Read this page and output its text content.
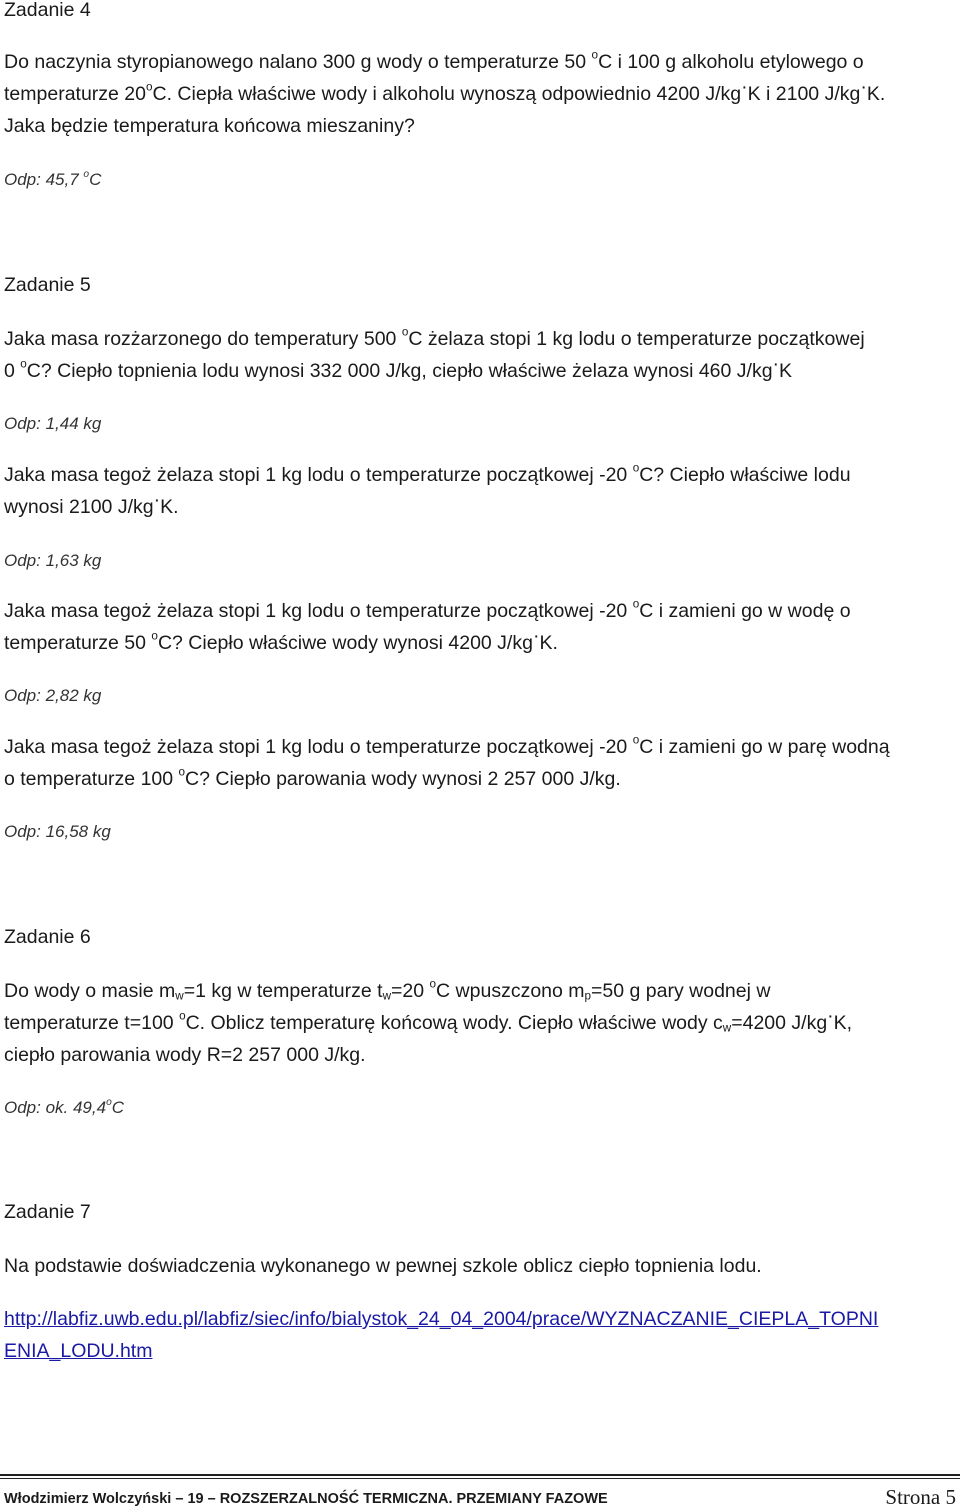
Zadanie 4
Do naczynia styropianowego nalano 300 g wody o temperaturze 50 $^o$C i 100 g alkoholu etylowego o
temperaturze 20$^o$C. Ciepła właściwe wody i alkoholu wynoszą odpowiednio 4200 J/kg·K i 2100 J/kg·K.
Jaka będzie temperatura końcowa mieszaniny?
Odp: 45,7 $^o$C
Zadanie 5
Jaka masa rozżarzonego do temperatury 500 $^o$C żelaza stopi 1 kg lodu o temperaturze początkowej
0 $^o$C? Ciepło topnienia lodu wynosi 332 000 J/kg, ciepło właściwe żelaza wynosi 460 J/kg·K
Odp: 1,44 kg
Jaka masa tegoż żelaza stopi 1 kg lodu o temperaturze początkowej -20 $^o$C? Ciepło właściwe lodu
wynosi 2100 J/kg·K.
Odp: 1,63 kg
Jaka masa tegoż żelaza stopi 1 kg lodu o temperaturze początkowej -20 $^o$C i zamieni go w wodę o
temperaturze 50 $^o$C? Ciepło właściwe wody wynosi 4200 J/kg·K.
Odp: 2,82 kg
Jaka masa tegoż żelaza stopi 1 kg lodu o temperaturze początkowej -20 $^o$C i zamieni go w parę wodną
o temperaturze 100 $^o$C? Ciepło parowania wody wynosi 2 257 000 J/kg.
Odp: 16,58 kg
Zadanie 6
Do wody o masie $m_w=1$ kg w temperaturze $t_w=20$ $^o$C wpuszczono $m_p=50$ g pary wodnej w
temperaturze t=100 $^o$C. Oblicz temperaturę końcową wody. Ciepło właściwe wody $c_w=4200$ J/kg·K,
ciepło parowania wody R=2 257 000 J/kg.
Odp: ok. 49,4$^o$C
Zadanie 7
Na podstawie doświadczenia wykonanego w pewnej szkole oblicz ciepło topnienia lodu.
http://labfiz.uwb.edu.pl/labfiz/siec/info/bialystok_24_04_2004/prace/WYZNACZANIE_CIEPLA_TOPNI
ENIA_LODU.htm
Włodzimierz Wolczyński – 19 – ROZSZERZALNOŚĆ TERMICZNA. PRZEMIANY FAZOWE	Strona 5
